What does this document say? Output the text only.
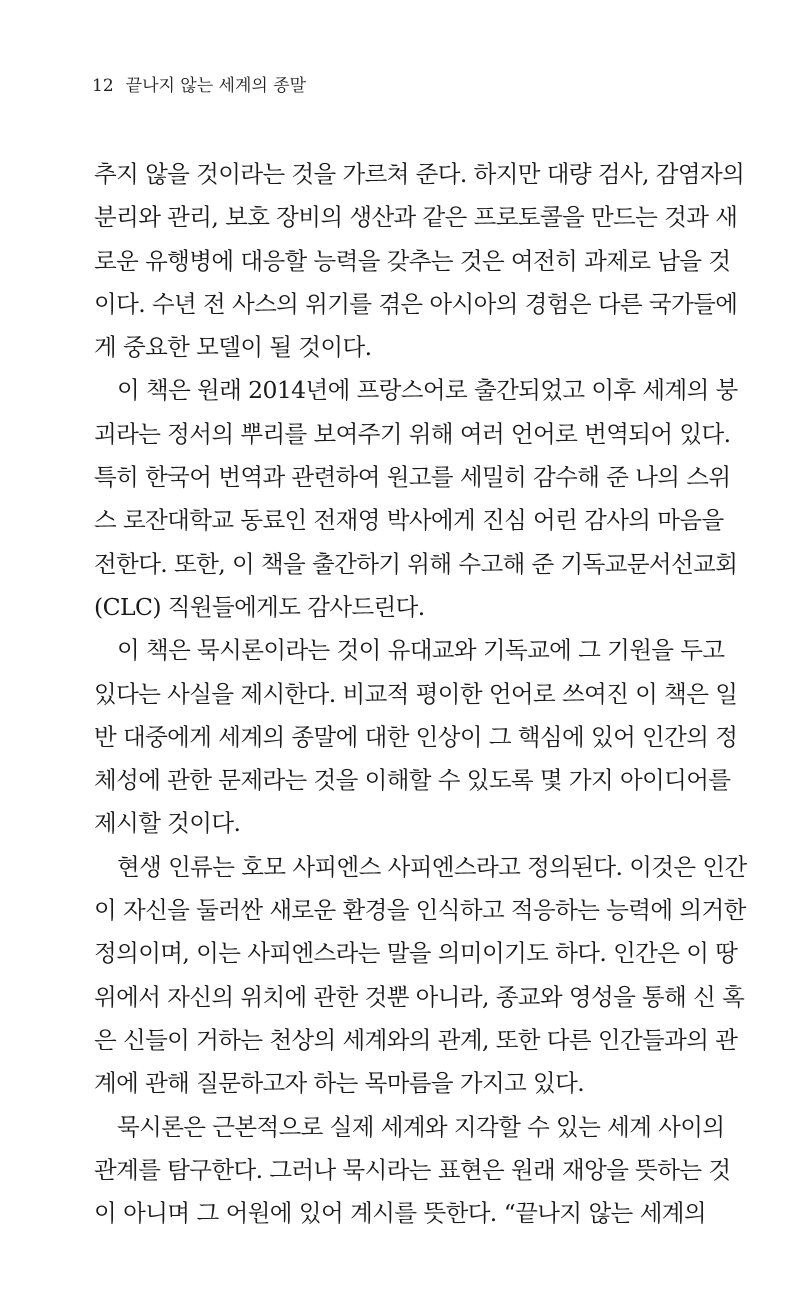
12 끝나지 않는 세계의 종말
추지 않을 것이라는 것을 가르쳐 준다. 하지만 대량 검사, 감염자의
분리와 관리, 보호 장비의 생산과 같은 프로토콜을 만드는 것과 새
로운 유행병에 대응할 능력을 갖추는 것은 여전히 과제로 남을 것
이다. 수년 전 사스의 위기를 겪은 아시아의 경험은 다른 국가들에
게 중요한 모델이 될 것이다.
이 책은 원래 2014년에 프랑스어로 출간되었고 이후 세계의 붕
괴라는 정서의 뿌리를 보여주기 위해 여러 언어로 번역되어 있다.
특히 한국어 번역과 관련하여 원고를 세밀히 감수해 준 나의 스위
스 로잔대학교 동료인 전재영 박사에게 진심 어린 감사의 마음을
전한다. 또한, 이 책을 출간하기 위해 수고해 준 기독교문서선교회
(CLC) 직원들에게도 감사드린다.
이 책은 묵시론이라는 것이 유대교와 기독교에 그 기원을 두고
있다는 사실을 제시한다. 비교적 평이한 언어로 쓰여진 이 책은 일
반 대중에게 세계의 종말에 대한 인상이 그 핵심에 있어 인간의 정
체성에 관한 문제라는 것을 이해할 수 있도록 몇 가지 아이디어를
제시할 것이다.
현생 인류는 호모 사피엔스 사피엔스라고 정의된다. 이것은 인간
이 자신을 둘러싼 새로운 환경을 인식하고 적응하는 능력에 의거한
정의이며, 이는 사피엔스라는 말을 의미이기도 하다. 인간은 이 땅
위에서 자신의 위치에 관한 것뿐 아니라, 종교와 영성을 통해 신 혹
은 신들이 거하는 천상의 세계와의 관계, 또한 다른 인간들과의 관
계에 관해 질문하고자 하는 목마름을 가지고 있다.
묵시론은 근본적으로 실제 세계와 지각할 수 있는 세계 사이의
관계를 탐구한다. 그러나 묵시라는 표현은 원래 재앙을 뜻하는 것
이 아니며 그 어원에 있어 계시를 뜻한다. “끝나지 않는 세계의
